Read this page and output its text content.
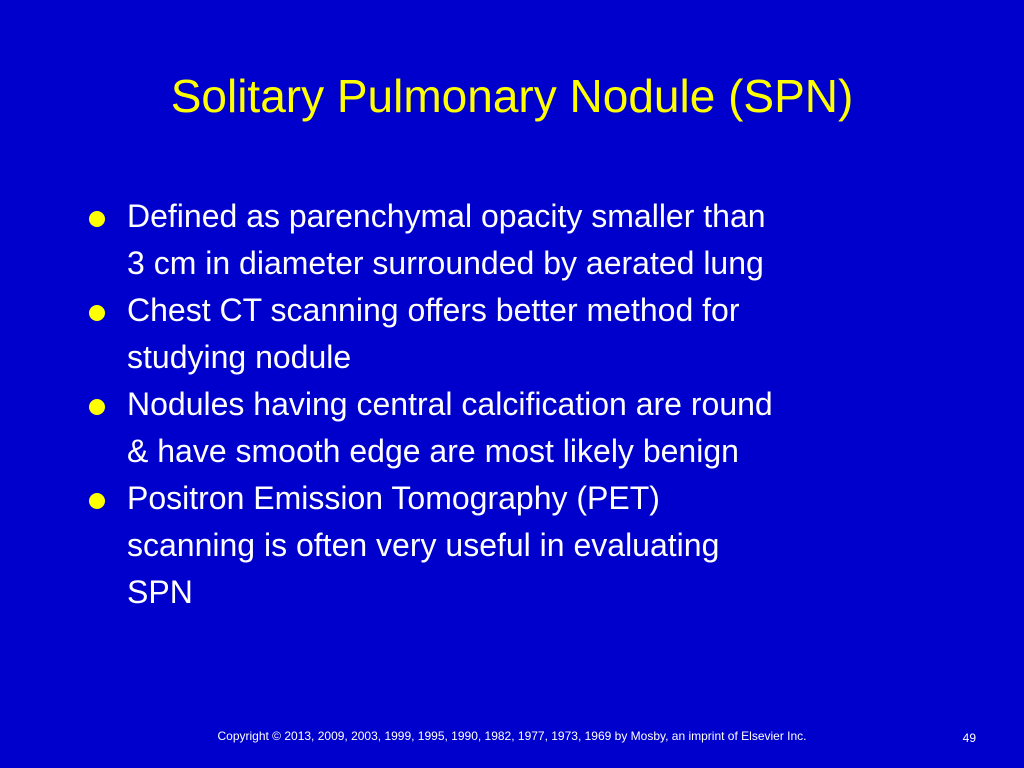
Solitary Pulmonary Nodule (SPN)
Defined as parenchymal opacity smaller than
3 cm in diameter surrounded by aerated lung
Chest CT scanning offers better method for
studying nodule
Nodules having central calcification are round
& have smooth edge are most likely benign
Positron Emission Tomography (PET)
scanning is often very useful in evaluating
SPN
Copyright © 2013, 2009, 2003, 1999, 1995, 1990, 1982, 1977, 1973, 1969 by Mosby, an imprint of Elsevier Inc.	49
